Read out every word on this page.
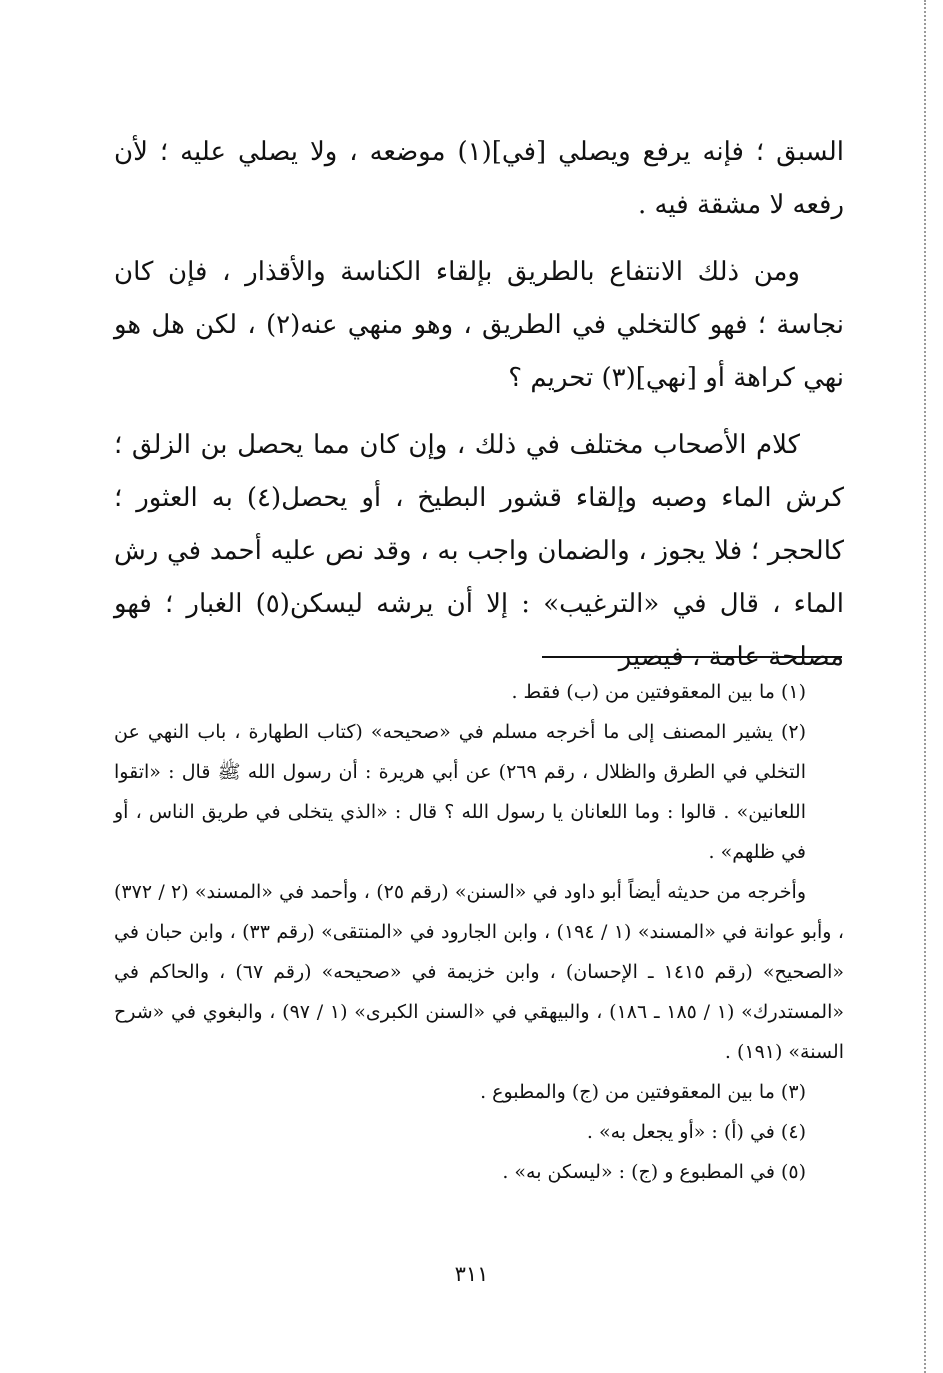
السبق ؛ فإنه يرفع ويصلي [في](١) موضعه ، ولا يصلي عليه ؛ لأن رفعه لا مشقة فيه .

ومن ذلك الانتفاع بالطريق بإلقاء الكناسة والأقذار ، فإن كان نجاسة ؛ فهو كالتخلي في الطريق ، وهو منهي عنه(٢) ، لكن هل هو نهي كراهة أو [نهي](٣) تحريم ؟

كلام الأصحاب مختلف في ذلك ، وإن كان مما يحصل بن الزلق ؛ كرش الماء وصبه وإلقاء قشور البطيخ ، أو يحصل(٤) به العثور ؛ كالحجر ؛ فلا يجوز ، والضمان واجب به ، وقد نص عليه أحمد في رش الماء ، قال في «الترغيب» : إلا أن يرشه ليسكن(٥) الغبار ؛ فهو مصلحة عامة ، فيصير

(١) ما بين المعقوفتين من (ب) فقط .

(٢) يشير المصنف إلى ما أخرجه مسلم في «صحيحه» (كتاب الطهارة ، باب النهي عن التخلي في الطرق والظلال ، رقم ٢٦٩) عن أبي هريرة : أن رسول الله ﷺ قال : «اتقوا اللعانين» . قالوا : وما اللعانان يا رسول الله ؟ قال : «الذي يتخلى في طريق الناس ، أو في ظلهم» .

وأخرجه من حديثه أيضاً أبو داود في «السنن» (رقم ٢٥) ، وأحمد في «المسند» (٢ / ٣٧٢) ، وأبو عوانة في «المسند» (١ / ١٩٤) ، وابن الجارود في «المنتقى» (رقم ٣٣) ، وابن حبان في «الصحيح» (رقم ١٤١٥ ـ الإحسان) ، وابن خزيمة في «صحيحه» (رقم ٦٧) ، والحاكم في «المستدرك» (١ / ١٨٥ ـ ١٨٦) ، والبيهقي في «السنن الكبرى» (١ / ٩٧) ، والبغوي في «شرح السنة» (١٩١) .

(٣) ما بين المعقوفتين من (ج) والمطبوع .

(٤) في (أ) : «أو يجعل به» .

(٥) في المطبوع و (ج) : «ليسكن به» .

٣١١
